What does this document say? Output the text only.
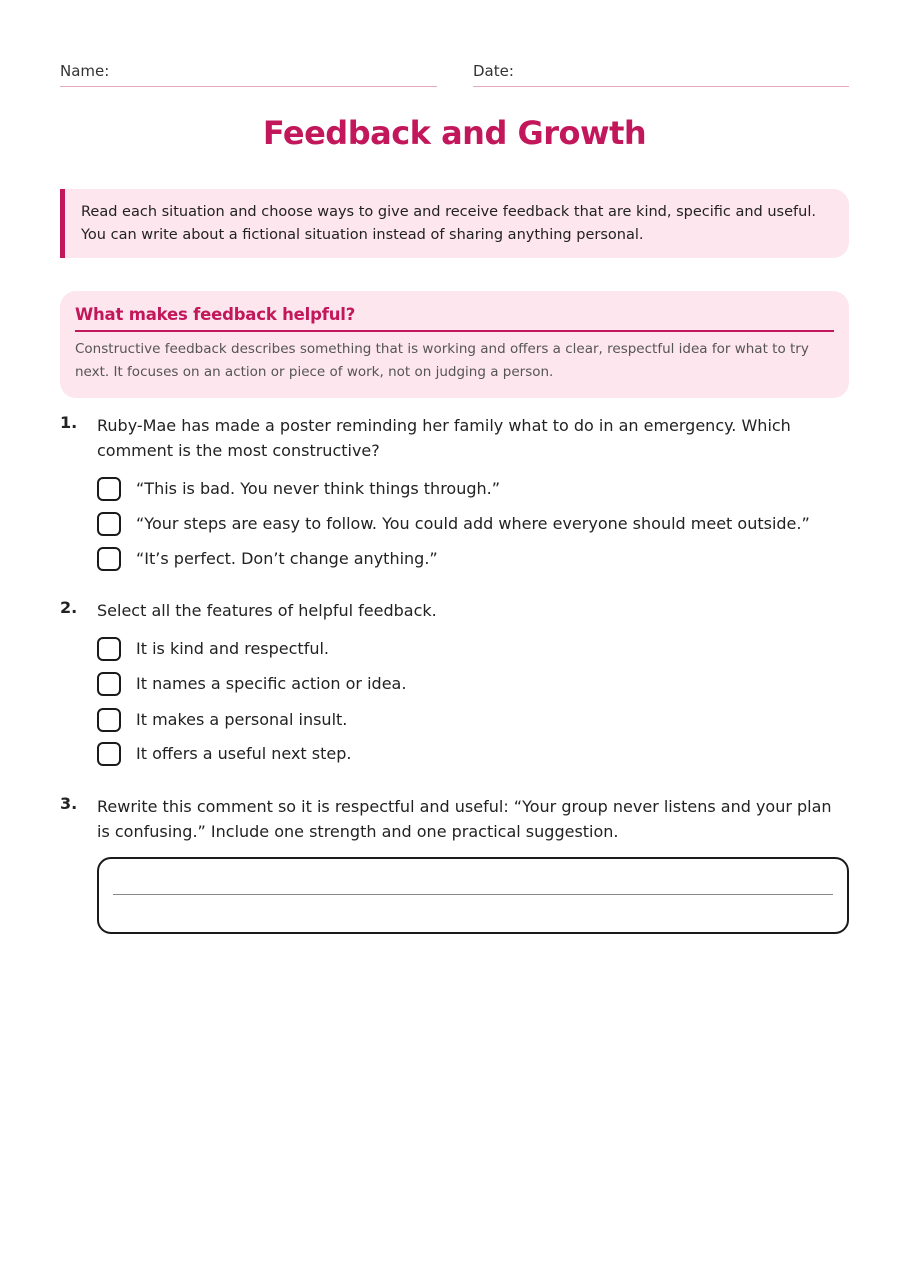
Name:	Date:
Feedback and Growth
Read each situation and choose ways to give and receive feedback that are kind, specific and useful. You can write about a fictional situation instead of sharing anything personal.
What makes feedback helpful?
Constructive feedback describes something that is working and offers a clear, respectful idea for what to try next. It focuses on an action or piece of work, not on judging a person.
1. Ruby-Mae has made a poster reminding her family what to do in an emergency. Which comment is the most constructive?
“This is bad. You never think things through.”
“Your steps are easy to follow. You could add where everyone should meet outside.”
“It’s perfect. Don’t change anything.”
2. Select all the features of helpful feedback.
It is kind and respectful.
It names a specific action or idea.
It makes a personal insult.
It offers a useful next step.
3. Rewrite this comment so it is respectful and useful: “Your group never listens and your plan is confusing.” Include one strength and one practical suggestion.
